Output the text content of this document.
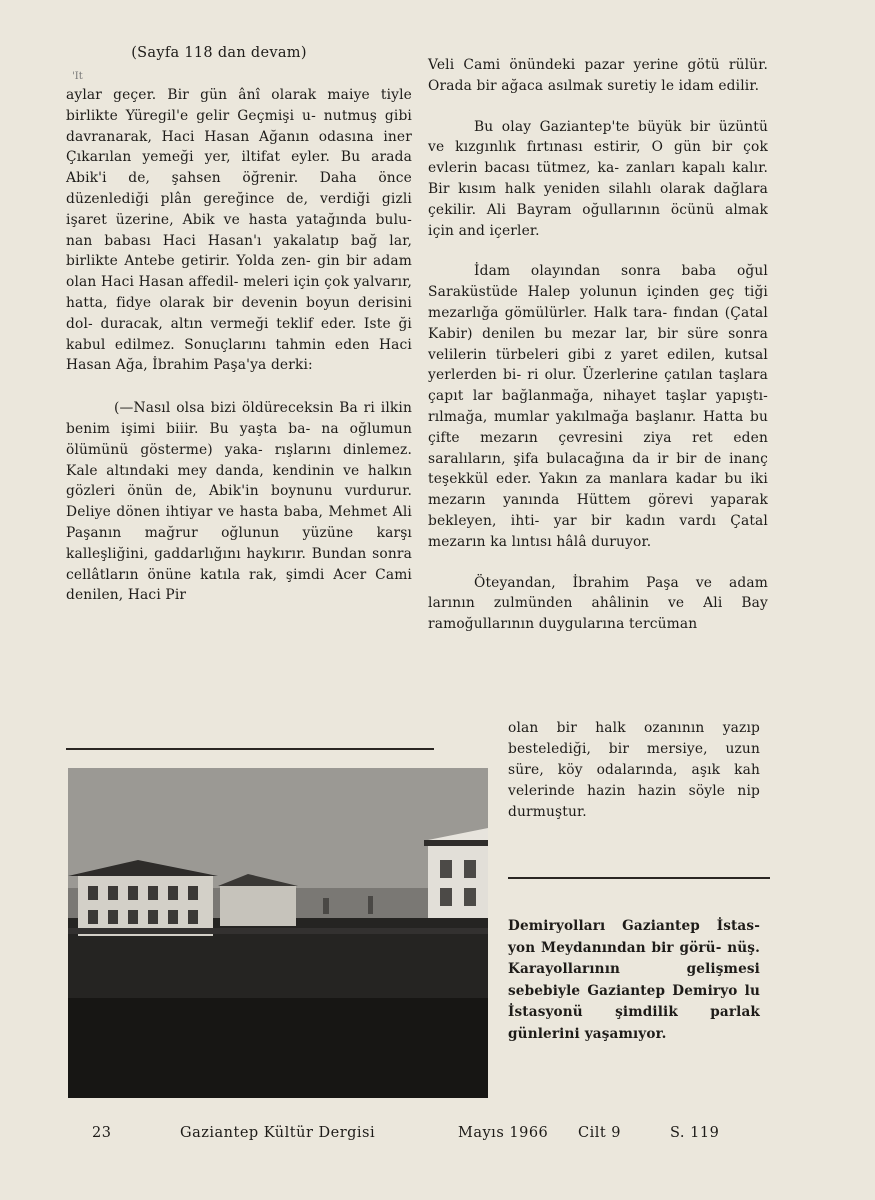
(Sayfa 118 dan devam)
'It

aylar geçer. Bir gün ânî olarak maiye tiyle birlikte Yüregil'e gelir Geçmişi u- nutmuş gibi davranarak, Haci Hasan Ağanın odasına iner Çıkarılan yemeği yer, iltifat eyler. Bu arada Abik'i de, şahsen öğrenir. Daha önce düzenlediği plân gereğince de, verdiği gizli işaret üzerine, Abik ve hasta yatağında bulu- nan babası Haci Hasan'ı yakalatıp bağ lar, birlikte Antebe getirir. Yolda zen- gin bir adam olan Haci Hasan affedil- meleri için çok yalvarır, hatta, fidye olarak bir devenin boyun derisini dol- duracak, altın vermeği teklif eder. Iste ği kabul edilmez. Sonuçlarını tahmin eden Haci Hasan Ağa, İbrahim Paşa'ya derki:

(—Nasıl olsa bizi öldüreceksin Ba ri ilkin benim işimi biiir. Bu yaşta ba- na oğlumun ölümünü gösterme) yaka- rışlarını dinlemez. Kale altındaki mey danda, kendinin ve halkın gözleri önün de, Abik'in boynunu vurdurur. Deliye dönen ihtiyar ve hasta baba, Mehmet Ali Paşanın mağrur oğlunun yüzüne karşı kalleşliğini, gaddarlığını haykırır. Bundan sonra cellâtların önüne katıla rak, şimdi Acer Cami denilen, Haci Pir

Veli Cami önündeki pazar yerine götü rülür. Orada bir ağaca asılmak suretiy le idam edilir.

Bu olay Gaziantep'te büyük bir üzüntü ve kızgınlık fırtınası estirir, O gün bir çok evlerin bacası tütmez, ka- zanları kapalı kalır. Bir kısım halk yeniden silahlı olarak dağlara çekilir. Ali Bayram oğullarının öcünü almak için and içerler.

İdam olayından sonra baba oğul Saraküstüde Halep yolunun içinden geç tiği mezarlığa gömülürler. Halk tara- fından (Çatal Kabir) denilen bu mezar lar, bir süre sonra velilerin türbeleri gibi z yaret edilen, kutsal yerlerden bi- ri olur. Üzerlerine çatılan taşlara çapıt lar bağlanmağa, nihayet taşlar yapıştı- rılmağa, mumlar yakılmağa başlanır. Hatta bu çifte mezarın çevresini ziya ret eden saralıların, şifa bulacağına da ir bir de inanç teşekkül eder. Yakın za manlara kadar bu iki mezarın yanında Hüttem görevi yaparak bekleyen, ihti- yar bir kadın vardı Çatal mezarın ka lıntısı hâlâ duruyor.

Öteyandan, İbrahim Paşa ve adam larının zulmünden ahâlinin ve Ali Bay ramoğullarının duygularına tercüman

olan bir halk ozanının yazıp bestelediği, bir mersiye, uzun süre, köy odalarında, aşık kah velerinde hazin hazin söyle nip durmuştur.

Demiryolları Gaziantep İstas- yon Meydanından bir görü- nüş. Karayollarının gelişmesi sebebiyle Gaziantep Demiryo lu İstasyonü şimdilik parlak günlerini yaşamıyor.

23	Gaziantep Kültür Dergisi	Mayıs 1966 Cilt 9	S. 119
